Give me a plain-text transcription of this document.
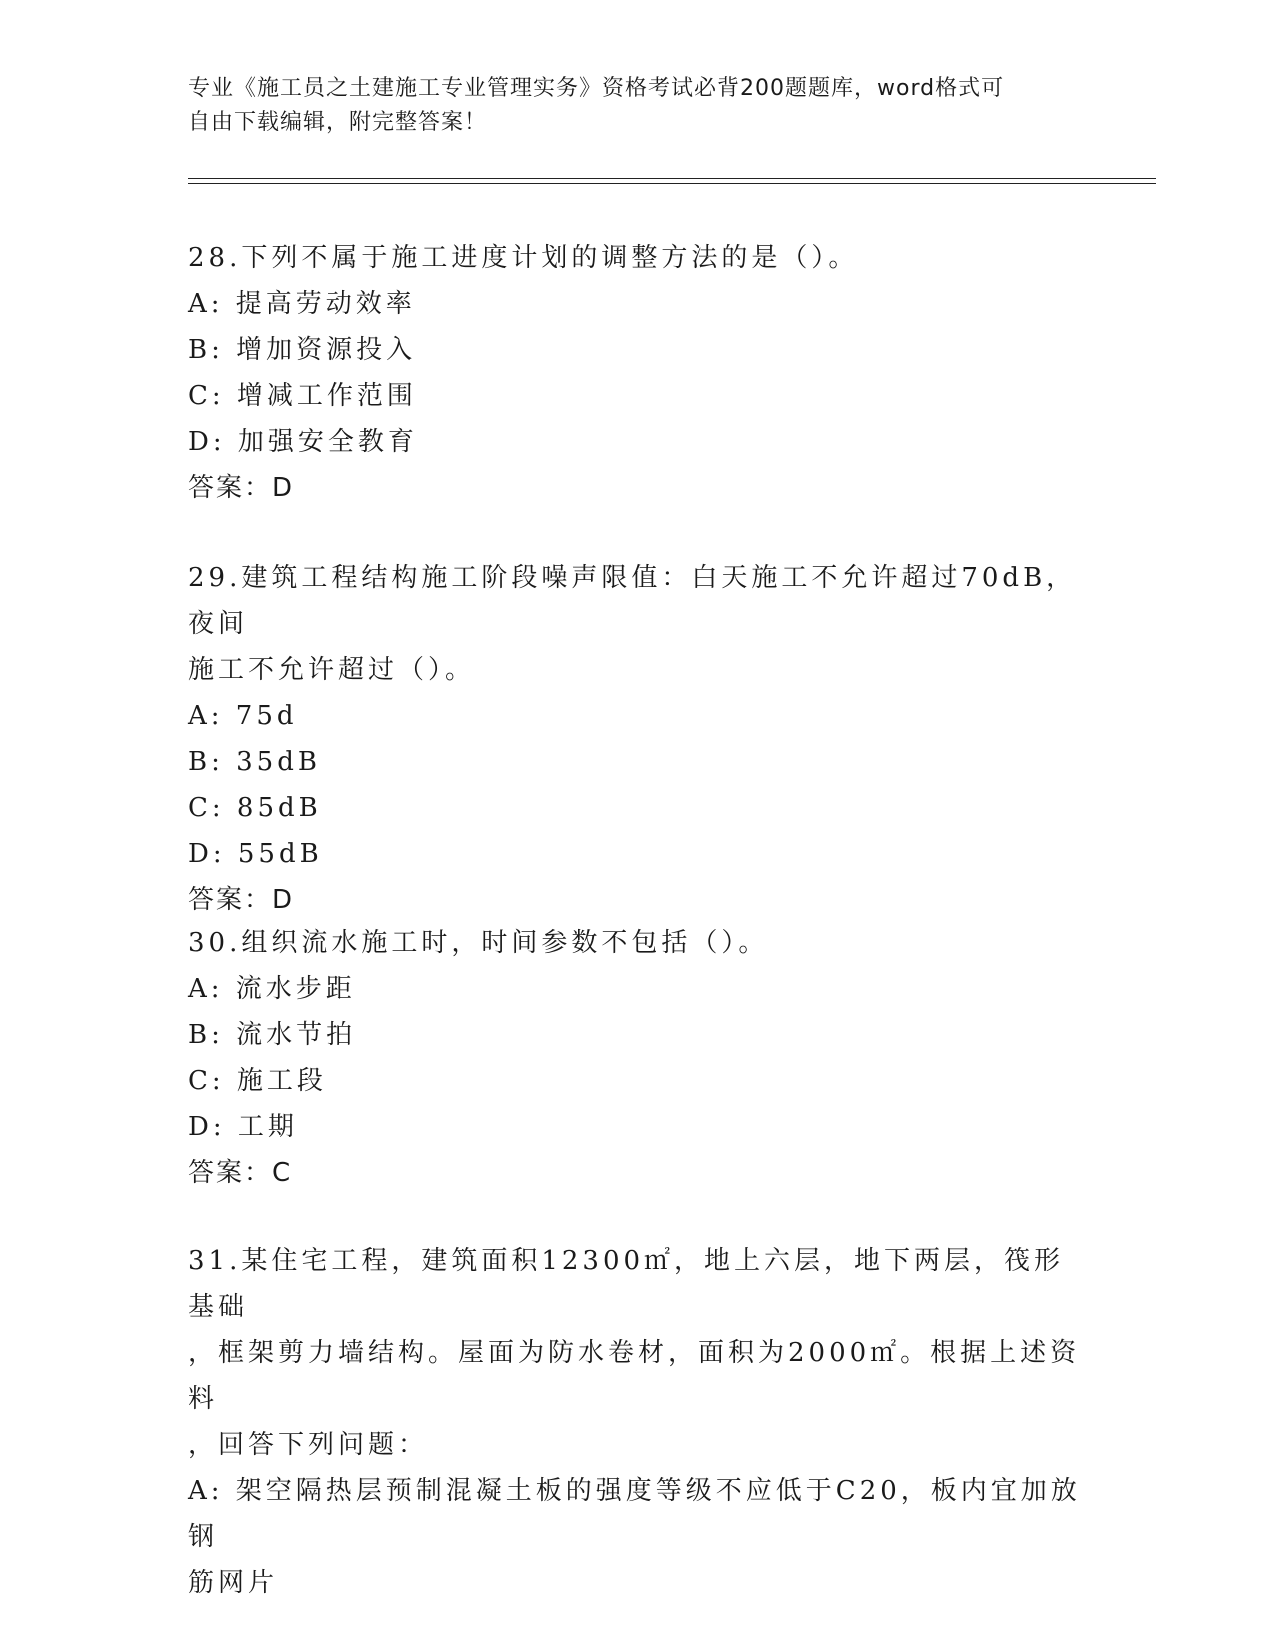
专业《施工员之土建施工专业管理实务》资格考试必背200题题库，word格式可
自由下载编辑，附完整答案！
28.下列不属于施工进度计划的调整方法的是（）。
A: 提高劳动效率
B: 增加资源投入
C: 增减工作范围
D: 加强安全教育
答案：D
29.建筑工程结构施工阶段噪声限值：白天施工不允许超过70dB，夜间
施工不允许超过（）。
A: 75d
B: 35dB
C: 85dB
D: 55dB
答案：D
30.组织流水施工时，时间参数不包括（）。
A: 流水步距
B: 流水节拍
C: 施工段
D: 工期
答案：C
31.某住宅工程，建筑面积12300㎡，地上六层，地下两层，筏形基础
，框架剪力墙结构。屋面为防水卷材，面积为2000㎡。根据上述资料
，回答下列问题：
A: 架空隔热层预制混凝土板的强度等级不应低于C20，板内宜加放钢
筋网片
